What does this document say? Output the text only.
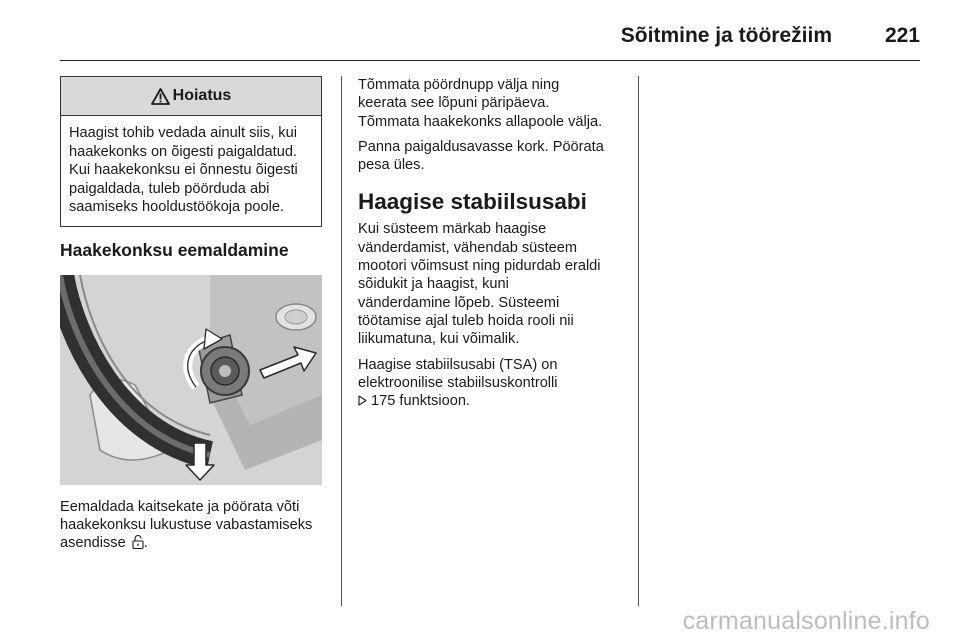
Sõitmine ja töörežiim	221
Hoiatus
Haagist tohib vedada ainult siis, kui haakekonks on õigesti paigaldatud. Kui haakekonksu ei õnnestu õigesti paigaldada, tuleb pöörduda abi saamiseks hooldustöökoja poole.
Haakekonksu eemaldamine
Eemaldada kaitsekate ja pöörata võti haakekonksu lukustuse vabastamiseks asendisse .

Tõmmata pöördnupp välja ning keerata see lõpuni päripäeva. Tõmmata haakekonks allapoole välja.

Panna paigaldusavasse kork. Pöörata pesa üles.

Haagise stabiilsusabi

Kui süsteem märkab haagise vänderdamist, vähendab süsteem mootori võimsust ning pidurdab eraldi sõidukit ja haagist, kuni vänderdamine lõpeb. Süsteemi töötamise ajal tuleb hoida rooli nii liikumatuna, kui võimalik.

Haagise stabiilsusabi (TSA) on elektroonilise stabiilsuskontrolli
175 funktsioon.

carmanualsonline.info
